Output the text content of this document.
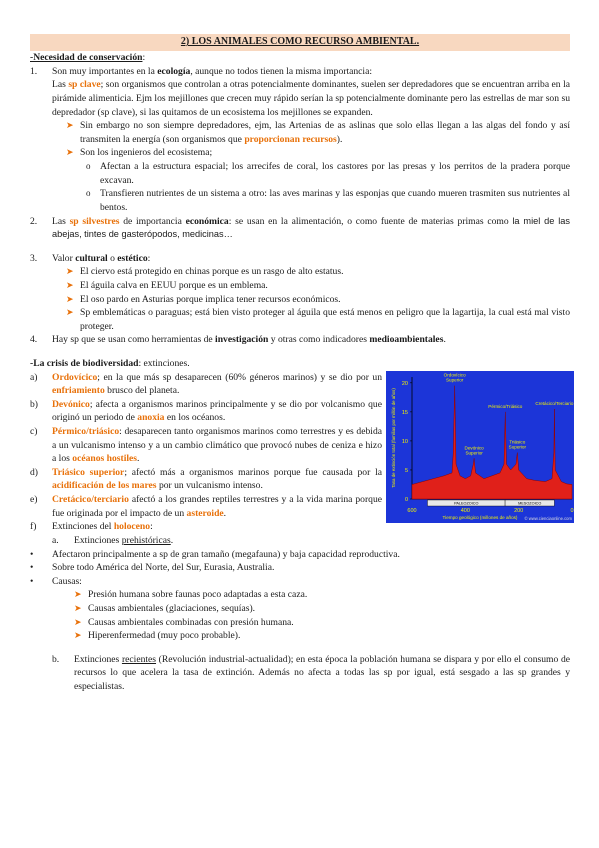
2) LOS ANIMALES COMO RECURSO AMBIENTAL.

-Necesidad de conservación:

1.	Son muy importantes en la ecología, aunque no todos tienen la misma importancia:

Las sp clave; son organismos que controlan a otras potencialmente dominantes, suelen ser depredadores que se encuentran arriba en la pirámide alimenticia. Ejm los mejillones que crecen muy rápido serían la sp potencialmente dominante pero las estrellas de mar son su depredador (sp clave), si las quitamos de un ecosistema los mejillones se expanden.

➤ Sin embargo no son siempre depredadores, ejm, las Artenias de as aslinas que solo ellas llegan a las algas del fondo y así transmiten la energía (son organismos que proporcionan recursos).
➤ Son los ingenieros del ecosistema;
o Afectan a la estructura espacial; los arrecifes de coral, los castores por las presas y los perritos de la pradera porque excavan.
o Transfieren nutrientes de un sistema a otro: las aves marinas y las esponjas que cuando mueren trasmiten sus nutrientes al bentos.
2.	Las sp silvestres de importancia económica: se usan en la alimentación, o como fuente de materias primas como la miel de las abejas, tintes de gasterópodos, medicinas…
3.	Valor cultural o estético:
➤ El ciervo está protegido en chinas porque es un rasgo de alto estatus.
➤ El águila calva en EEUU porque es un emblema.
➤ El oso pardo en Asturias porque implica tener recursos económicos.
➤ Sp emblemáticas o paraguas; está bien visto proteger al águila que está menos en peligro que la lagartija, la cual está mal visto proteger.
4.	Hay sp que se usan como herramientas de investigación y otras como indicadores medioambientales.

-La crisis de biodiversidad: extinciones.

a)	Ordovícico; en la que más sp desaparecen (60% géneros marinos) y se dio por un enfriamiento brusco del planeta.
b)	Devónico; afecta a organismos marinos principalmente y se dio por volcanismo que originó un periodo de anoxia en los océanos.
c)	Pérmico/triásico: desaparecen tanto organismos marinos como terrestres y es debida a un vulcanismo intenso y a un cambio climático que provocó nubes de ceniza e hizo a los océanos hostiles.
d)	Triásico superior; afectó más a organismos marinos porque fue causada por la acidificación de los mares por un vulcanismo intenso.
e)	Cretácico/terciario afectó a los grandes reptiles terrestres y a la vida marina porque fue originada por el impacto de un asteroide.
0
5
10
15
20
PALEOZOICO	MESOZOICO
600	400	200	0
Tiempo geológico (millones de años)
Tasa de extinción total (familias por millón de años)
Ordovícico
Superior
Pérmico/Triásico
Devónico
Superior
Triásico
Superior
Cretácico/Terciario
© www.cienciaonline.com
f)	Extinciones del holoceno:
a.	Extinciones prehistóricas.
•	Afectaron principalmente a sp de gran tamaño (megafauna) y baja capacidad reproductiva.
•	Sobre todo América del Norte, del Sur, Eurasia, Australia.
•	Causas:
➤ Presión humana sobre faunas poco adaptadas a esta caza.
➤ Causas ambientales (glaciaciones, sequías).
➤ Causas ambientales combinadas con presión humana.
➤ Hiperenfermedad (muy poco probable).
b.	Extinciones recientes (Revolución industrial-actualidad); en esta época la población humana se dispara y por ello el consumo de recursos lo que acelera la tasa de extinción. Además no afecta a todas las sp por igual, está sesgado a las sp grandes y especialistas.
